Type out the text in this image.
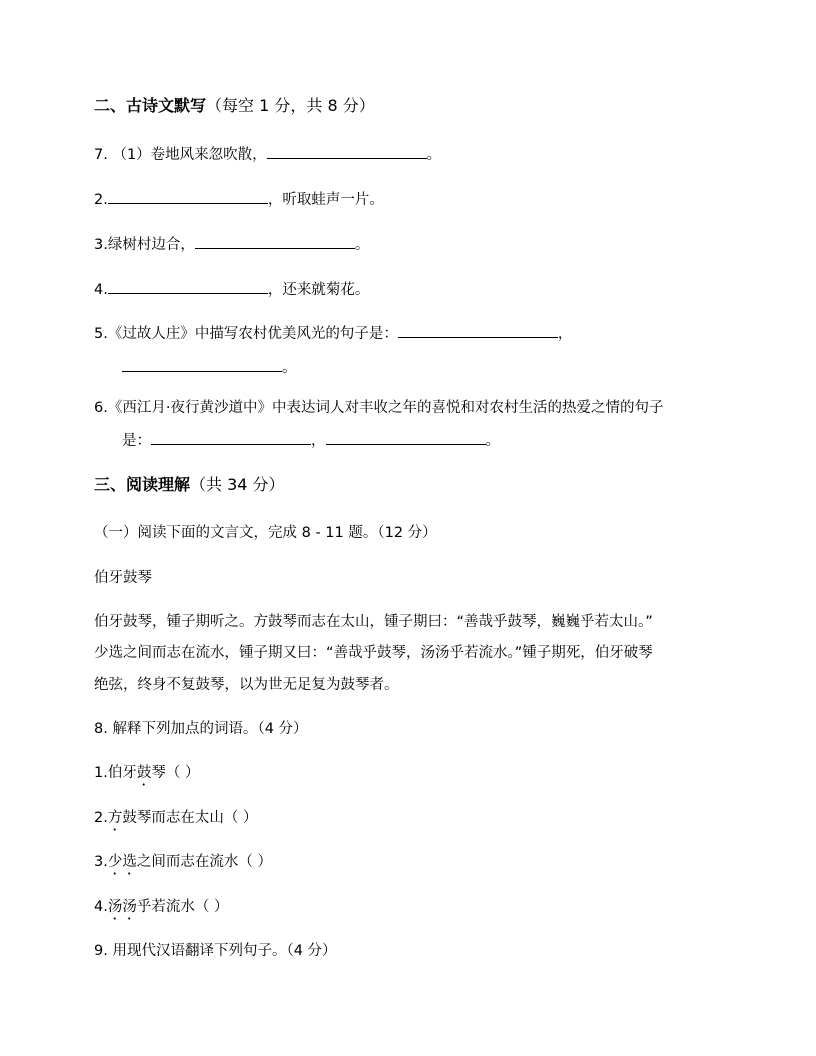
二、古诗文默写（每空 1 分，共 8 分）
7. （1）卷地风来忽吹散，	。
2.	，听取蛙声一片。
3.绿树村边合，	。
4.	，还来就菊花。
5.《过故人庄》中描写农村优美风光的句子是：	，
。
6.《西江月·夜行黄沙道中》中表达词人对丰收之年的喜悦和对农村生活的热爱之情的句子
是：	，	。
三、阅读理解（共 34 分）
（一）阅读下面的文言文，完成 8 - 11 题。（12 分）
伯牙鼓琴
伯牙鼓琴，锺子期听之。方鼓琴而志在太山，锺子期曰：“善哉乎鼓琴，巍巍乎若太山。”
少选之间而志在流水，锺子期又曰：“善哉乎鼓琴，汤汤乎若流水。”锺子期死，伯牙破琴
绝弦，终身不复鼓琴，以为世无足复为鼓琴者。
8. 解释下列加点的词语。（4 分）
1.伯牙鼓琴（ ）
2.方鼓琴而志在太山（ ）
3.少选之间而志在流水（ ）
4.汤汤乎若流水（ ）
9. 用现代汉语翻译下列句子。（4 分）
